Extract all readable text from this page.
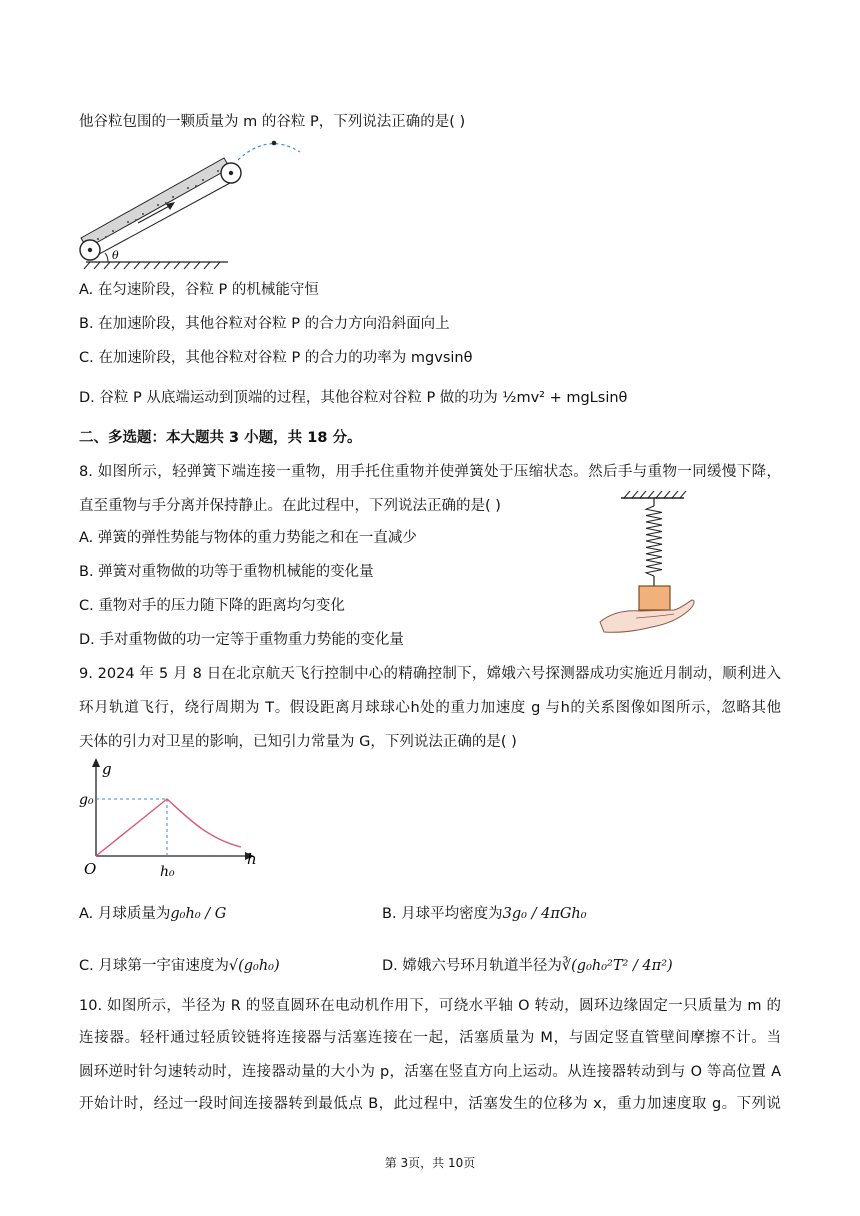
他谷粒包围的一颗质量为 m 的谷粒 P，下列说法正确的是( )
θ
A. 在匀速阶段，谷粒 P 的机械能守恒
B. 在加速阶段，其他谷粒对谷粒 P 的合力方向沿斜面向上
C. 在加速阶段，其他谷粒对谷粒 P 的合力的功率为 mgvsinθ
D. 谷粒 P 从底端运动到顶端的过程，其他谷粒对谷粒 P 做的功为 ½mv² + mgLsinθ
二、多选题：本大题共 3 小题，共 18 分。
8. 如图所示，轻弹簧下端连接一重物，用手托住重物并使弹簧处于压缩状态。然后手与重物一同缓慢下降，
直至重物与手分离并保持静止。在此过程中，下列说法正确的是( )
A. 弹簧的弹性势能与物体的重力势能之和在一直减少
B. 弹簧对重物做的功等于重物机械能的变化量
C. 重物对手的压力随下降的距离均匀变化
D. 手对重物做的功一定等于重物重力势能的变化量
9. 2024 年 5 月 8 日在北京航天飞行控制中心的精确控制下，嫦娥六号探测器成功实施近月制动，顺利进入
环月轨道飞行，绕行周期为 T。假设距离月球球心h处的重力加速度 g 与h的关系图像如图所示，忽略其他
天体的引力对卫星的影响，已知引力常量为 G，下列说法正确的是( )
g
h
g₀
h₀
O
A. 月球质量为g₀h₀ / G	B. 月球平均密度为3g₀ / 4πGh₀
C. 月球第一宇宙速度为√(g₀h₀)	D. 嫦娥六号环月轨道半径为∛(g₀h₀²T² / 4π²)
10. 如图所示，半径为 R 的竖直圆环在电动机作用下，可绕水平轴 O 转动，圆环边缘固定一只质量为 m 的
连接器。轻杆通过轻质铰链将连接器与活塞连接在一起，活塞质量为 M，与固定竖直管壁间摩擦不计。当
圆环逆时针匀速转动时，连接器动量的大小为 p，活塞在竖直方向上运动。从连接器转动到与 O 等高位置 A
开始计时，经过一段时间连接器转到最低点 B，此过程中，活塞发生的位移为 x，重力加速度取 g。下列说
第 3页，共 10页
